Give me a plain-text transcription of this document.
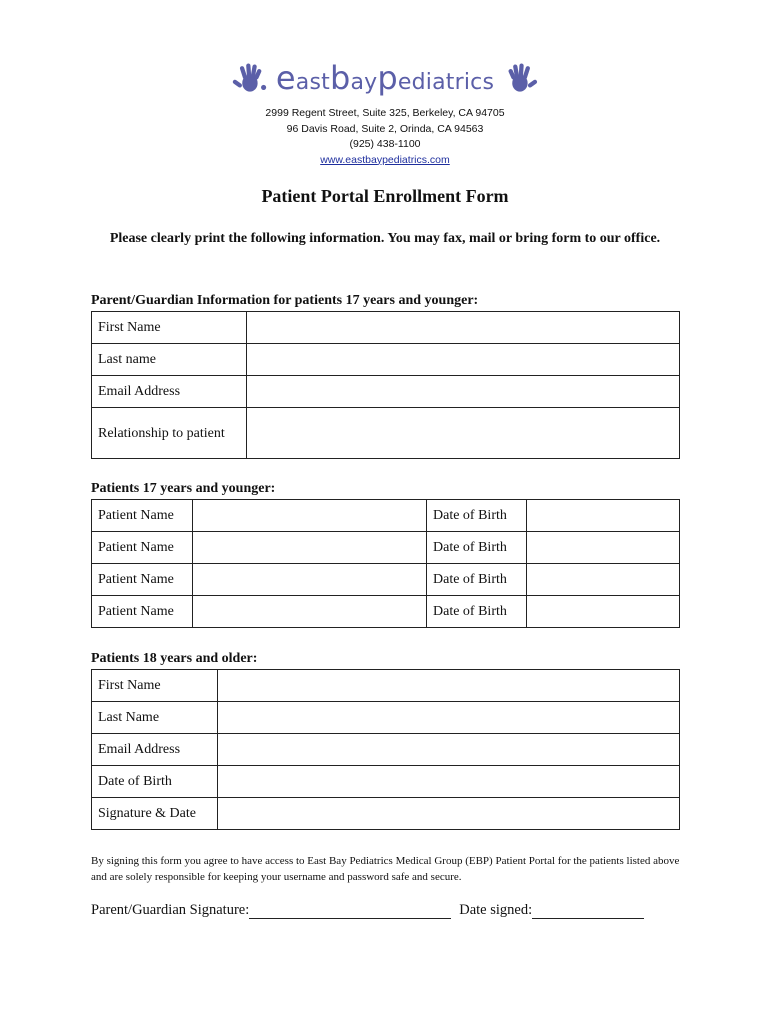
eastbaypediatrics
2999 Regent Street, Suite 325, Berkeley, CA 94705
96 Davis Road, Suite 2, Orinda, CA 94563
(925) 438-1100
www.eastbaypediatrics.com
Patient Portal Enrollment Form
Please clearly print the following information. You may fax, mail or bring form to our office.
Parent/Guardian Information for patients 17 years and younger:
First Name	
Last name	
Email Address	
Relationship to patient	
Patients 17 years and younger:
Patient Name		Date of Birth	
Patient Name		Date of Birth	
Patient Name		Date of Birth	
Patient Name		Date of Birth	
Patients 18 years and older:
First Name	
Last Name	
Email Address	
Date of Birth	
Signature & Date	
By signing this form you agree to have access to East Bay Pediatrics Medical Group (EBP) Patient Portal for the patients listed above and are solely responsible for keeping your username and password safe and secure.
Parent/Guardian Signature:	Date signed:
